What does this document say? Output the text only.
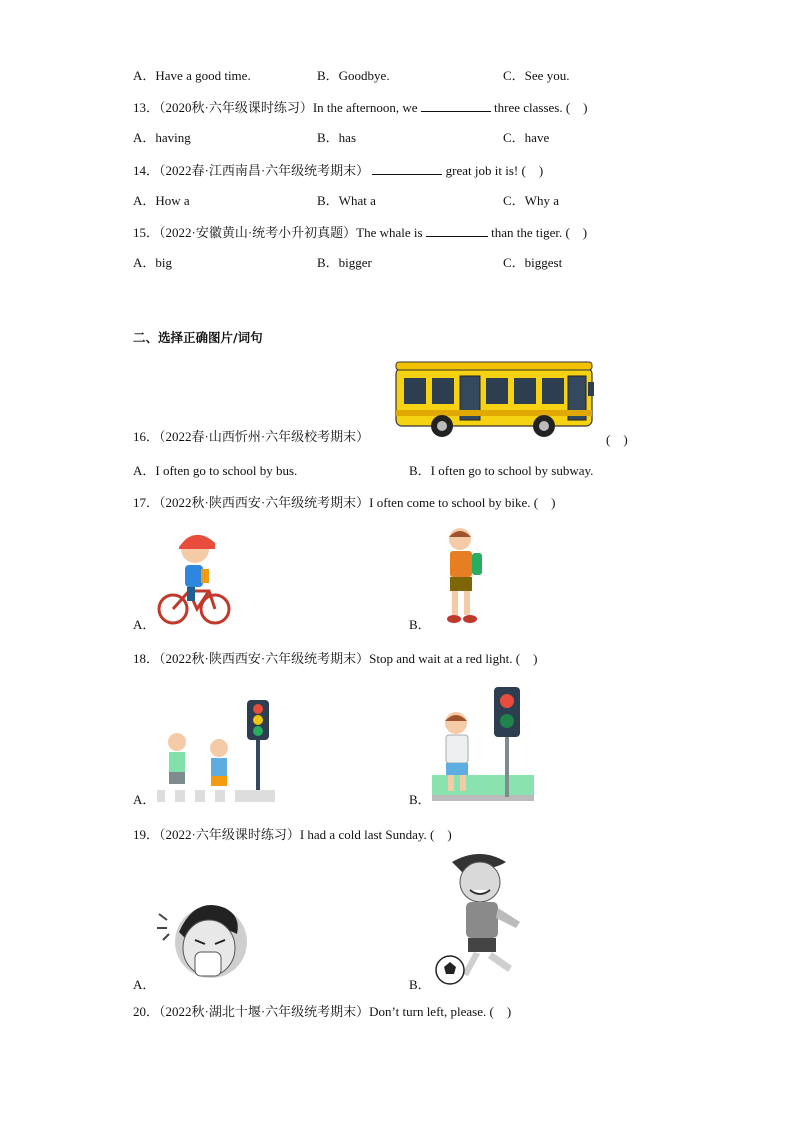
A．Have a good time.	B．Goodbye.	C．See you.
13．（2020秋·六年级课时练习）In the afternoon, we	three classes. (　)
A．having	B．has	C．have
14．（2022春·江西南昌·六年级统考期末）	great job it is! (　)
A．How a	B．What a	C．Why a
15．（2022·安徽黄山·统考小升初真题）The whale is	than the tiger. (　)
A．big	B．bigger	C．biggest
二、选择正确图片/词句
16．（2022春·山西忻州·六年级校考期末）	(　)
A．I often go to school by bus.	B．I often go to school by subway.
17．（2022秋·陕西西安·六年级统考期末）I often come to school by bike. (　)
A．	B．
18．（2022秋·陕西西安·六年级统考期末）Stop and wait at a red light. (　)
A．	B．
19．（2022·六年级课时练习）I had a cold last Sunday. (　)
A．	B．
20．（2022秋·湖北十堰·六年级统考期末）Don’t turn left, please. (　)
